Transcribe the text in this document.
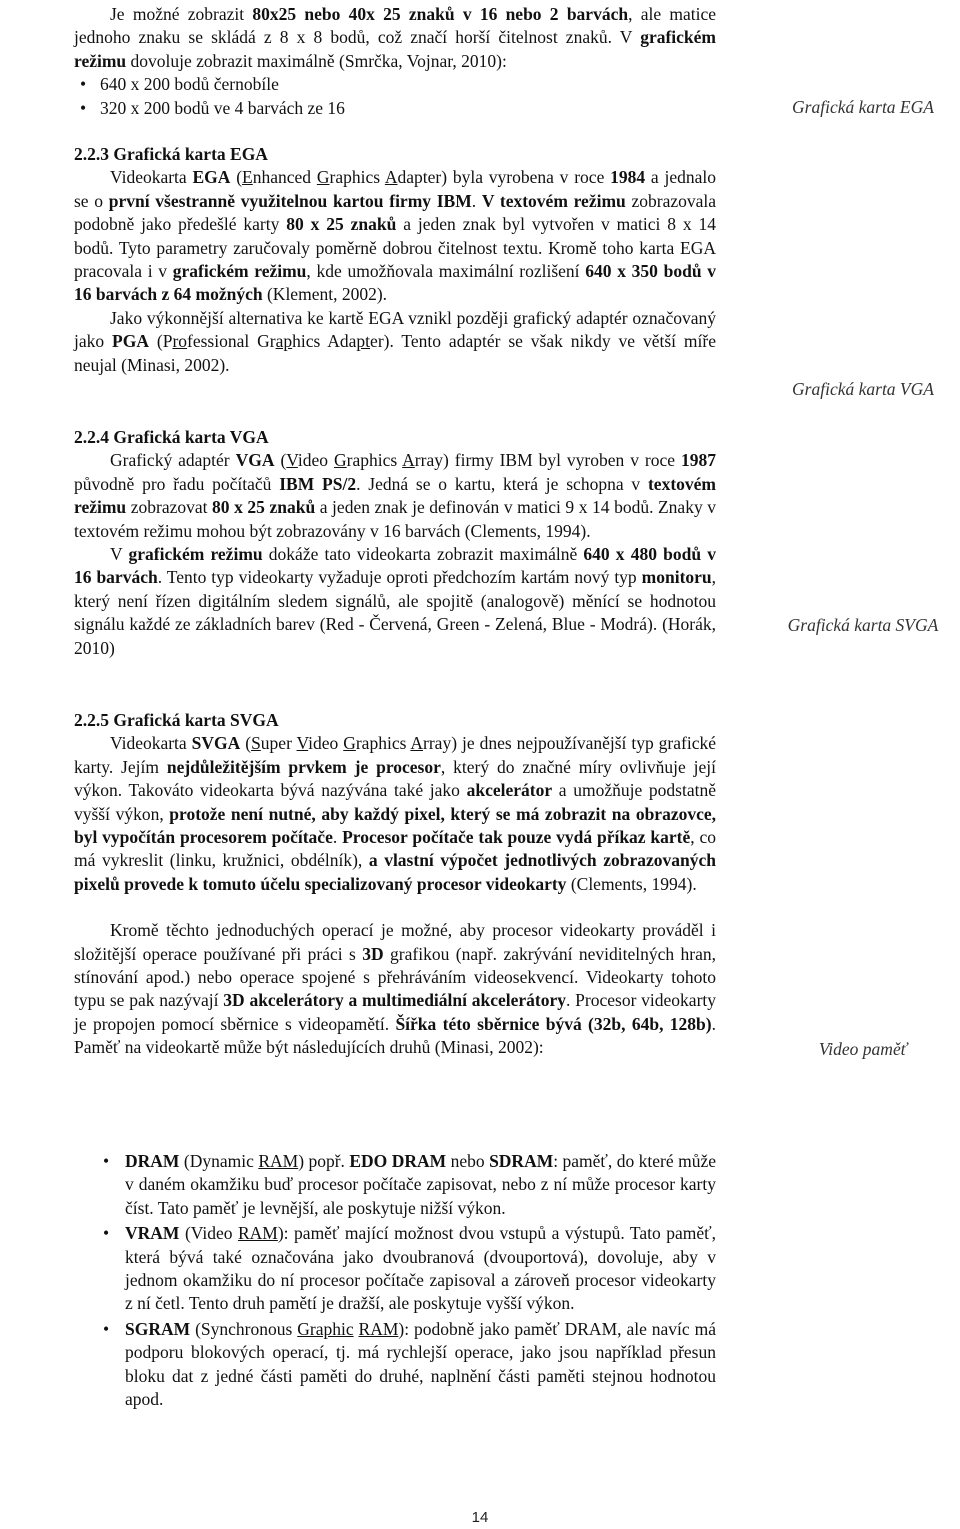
Je možné zobrazit 80x25 nebo 40x 25 znaků v 16 nebo 2 barvách, ale matice jednoho znaku se skládá z 8 x 8 bodů, což značí horší čitelnost znaků. V grafickém režimu dovoluje zobrazit maximálně (Smrčka, Vojnar, 2010):

• 640 x 200 bodů černobíle
• 320 x 200 bodů ve 4 barvách ze 16	Grafická karta EGA

2.2.3 Grafická karta EGA

Videokarta EGA (Enhanced Graphics Adapter) byla vyrobena v roce 1984 a jednalo se o první všestranně využitelnou kartou firmy IBM. V textovém režimu zobrazovala podobně jako předešlé karty 80 x 25 znaků a jeden znak byl vytvořen v matici 8 x 14 bodů. Tyto parametry zaručovaly poměrně dobrou čitelnost textu. Kromě toho karta EGA pracovala i v grafickém režimu, kde umožňovala maximální rozlišení 640 x 350 bodů v 16 barvách z 64 možných (Klement, 2002).

Jako výkonnější alternativa ke kartě EGA vznikl později grafický adaptér označovaný jako PGA (Professional Graphics Adapter). Tento adaptér se však nikdy ve větší míře neujal (Minasi, 2002).

Grafická karta VGA

2.2.4 Grafická karta VGA

Grafický adaptér VGA (Video Graphics Array) firmy IBM byl vyroben v roce 1987 původně pro řadu počítačů IBM PS/2. Jedná se o kartu, která je schopna v textovém režimu zobrazovat 80 x 25 znaků a jeden znak je definován v matici 9 x 14 bodů. Znaky v textovém režimu mohou být zobrazovány v 16 barvách (Clements, 1994).

V grafickém režimu dokáže tato videokarta zobrazit maximálně 640 x 480 bodů v 16 barvách. Tento typ videokarty vyžaduje oproti předchozím kartám nový typ monitoru, který není řízen digitálním sledem signálů, ale spojitě (analogově) měnící se hodnotou signálu každé ze základních barev (Red - Červená, Green - Zelená, Blue - Modrá). (Horák, 2010)

Grafická karta SVGA

2.2.5 Grafická karta SVGA

Videokarta SVGA (Super Video Graphics Array) je dnes nejpoužívanější typ grafické karty. Jejím nejdůležitějším prvkem je procesor, který do značné míry ovlivňuje její výkon. Takováto videokarta bývá nazývána také jako akcelerátor a umožňuje podstatně vyšší výkon, protože není nutné, aby každý pixel, který se má zobrazit na obrazovce, byl vypočítán procesorem počítače. Procesor počítače tak pouze vydá příkaz kartě, co má vykreslit (linku, kružnici, obdélník), a vlastní výpočet jednotlivých zobrazovaných pixelů provede k tomuto účelu specializovaný procesor videokarty (Clements, 1994).

Kromě těchto jednoduchých operací je možné, aby procesor videokarty prováděl i složitější operace používané při práci s 3D grafikou (např. zakrývání neviditelných hran, stínování apod.) nebo operace spojené s přehráváním videosekvencí. Videokarty tohoto typu se pak nazývají 3D akcelerátory a multimediální akcelerátory. Procesor videokarty je propojen pomocí sběrnice s videopamětí. Šířka této sběrnice bývá (32b, 64b, 128b). Paměť na videokartě může být následujících druhů (Minasi, 2002):	Video paměť
• DRAM (Dynamic RAM) popř. EDO DRAM nebo SDRAM: paměť, do které může v daném okamžiku buď procesor počítače zapisovat, nebo z ní může procesor karty číst. Tato paměť je levnější, ale poskytuje nižší výkon.
• VRAM (Video RAM): paměť mající možnost dvou vstupů a výstupů. Tato paměť, která bývá také označována jako dvoubranová (dvouportová), dovoluje, aby v jednom okamžiku do ní procesor počítače zapisoval a zároveň procesor videokarty z ní četl. Tento druh pamětí je dražší, ale poskytuje vyšší výkon.
• SGRAM (Synchronous Graphic RAM): podobně jako paměť DRAM, ale navíc má podporu blokových operací, tj. má rychlejší operace, jako jsou například přesun bloku dat z jedné části paměti do druhé, naplnění části paměti stejnou hodnotou apod.
14
